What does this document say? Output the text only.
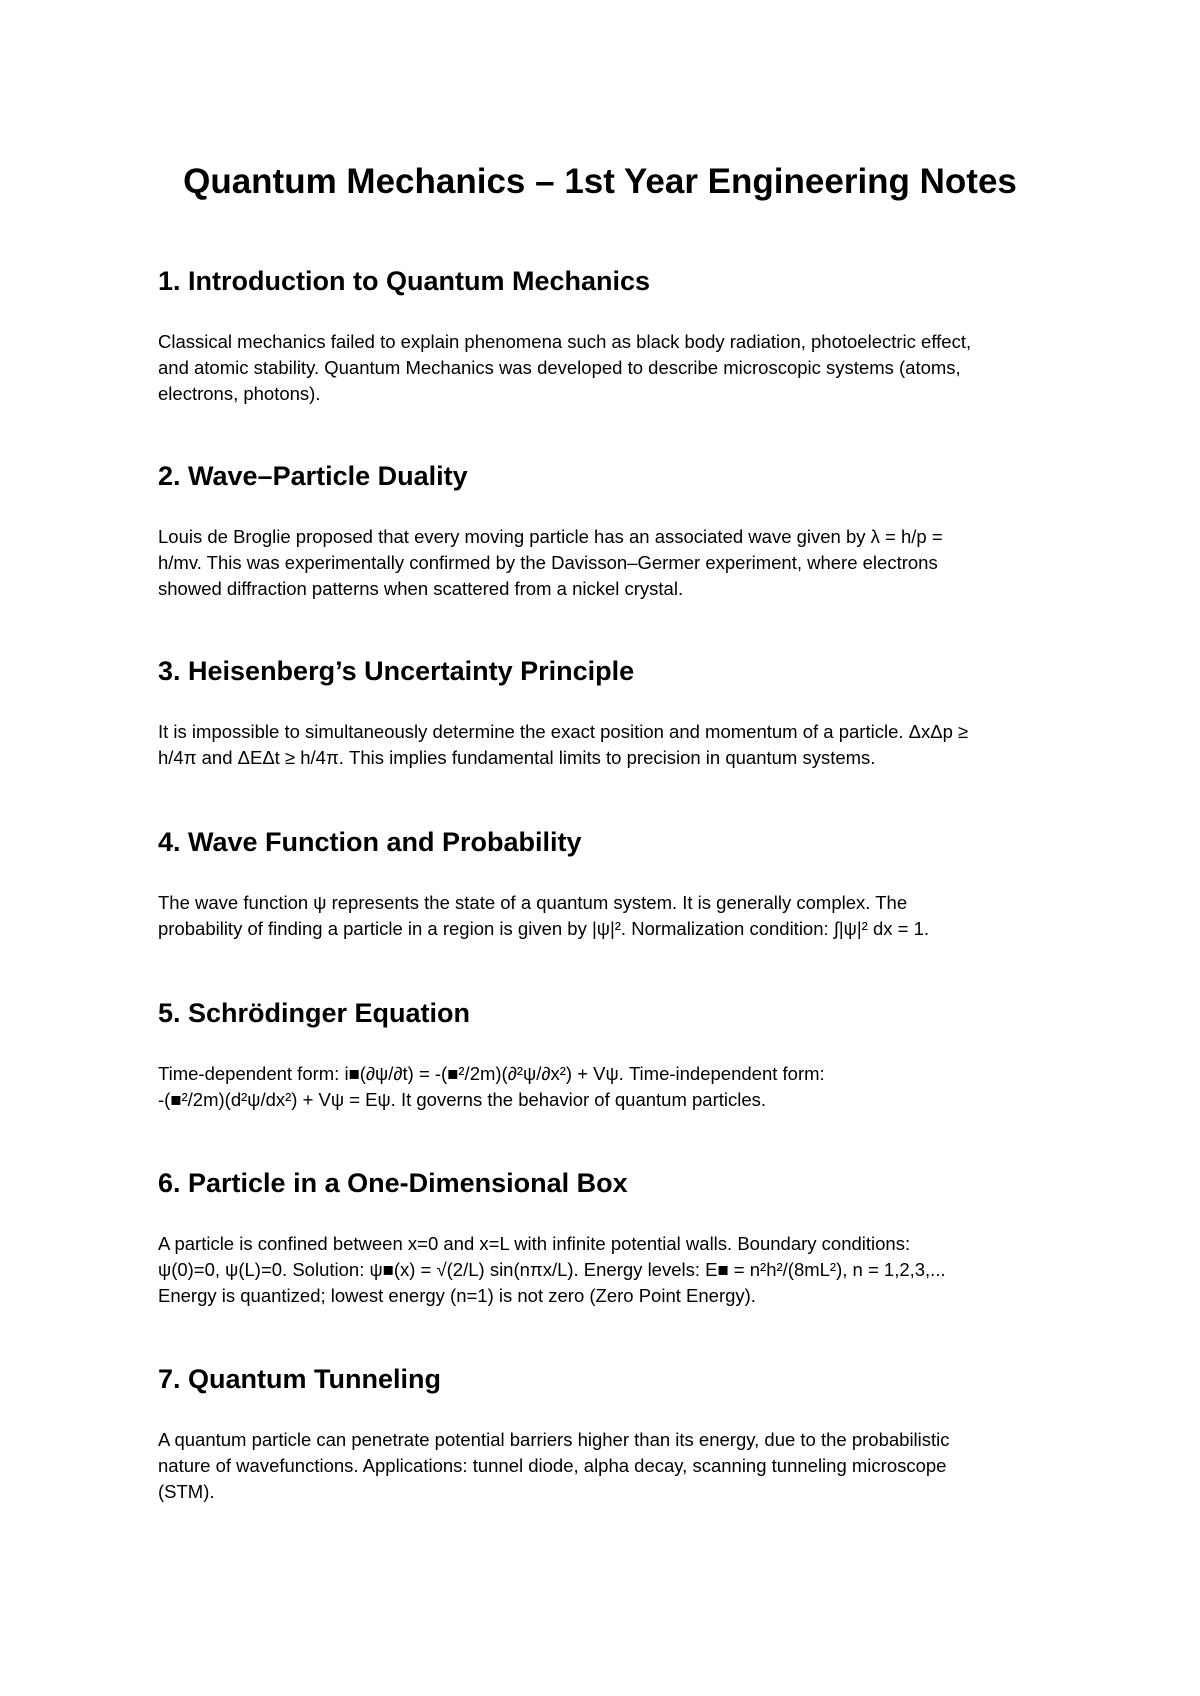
Quantum Mechanics – 1st Year Engineering Notes
1. Introduction to Quantum Mechanics

Classical mechanics failed to explain phenomena such as black body radiation, photoelectric effect,
and atomic stability. Quantum Mechanics was developed to describe microscopic systems (atoms,
electrons, photons).

2. Wave–Particle Duality

Louis de Broglie proposed that every moving particle has an associated wave given by λ = h/p =
h/mv. This was experimentally confirmed by the Davisson–Germer experiment, where electrons
showed diffraction patterns when scattered from a nickel crystal.

3. Heisenberg’s Uncertainty Principle

It is impossible to simultaneously determine the exact position and momentum of a particle. ΔxΔp ≥
h/4π and ΔEΔt ≥ h/4π. This implies fundamental limits to precision in quantum systems.

4. Wave Function and Probability

The wave function ψ represents the state of a quantum system. It is generally complex. The
probability of finding a particle in a region is given by |ψ|². Normalization condition: ∫|ψ|² dx = 1.

5. Schrödinger Equation

Time-dependent form: i■(∂ψ/∂t) = -(■²/2m)(∂²ψ/∂x²) + Vψ. Time-independent form:
-(■²/2m)(d²ψ/dx²) + Vψ = Eψ. It governs the behavior of quantum particles.

6. Particle in a One-Dimensional Box

A particle is confined between x=0 and x=L with infinite potential walls. Boundary conditions:
ψ(0)=0, ψ(L)=0. Solution: ψ■(x) = √(2/L) sin(nπx/L). Energy levels: E■ = n²h²/(8mL²), n = 1,2,3,...
Energy is quantized; lowest energy (n=1) is not zero (Zero Point Energy).

7. Quantum Tunneling

A quantum particle can penetrate potential barriers higher than its energy, due to the probabilistic
nature of wavefunctions. Applications: tunnel diode, alpha decay, scanning tunneling microscope
(STM).
